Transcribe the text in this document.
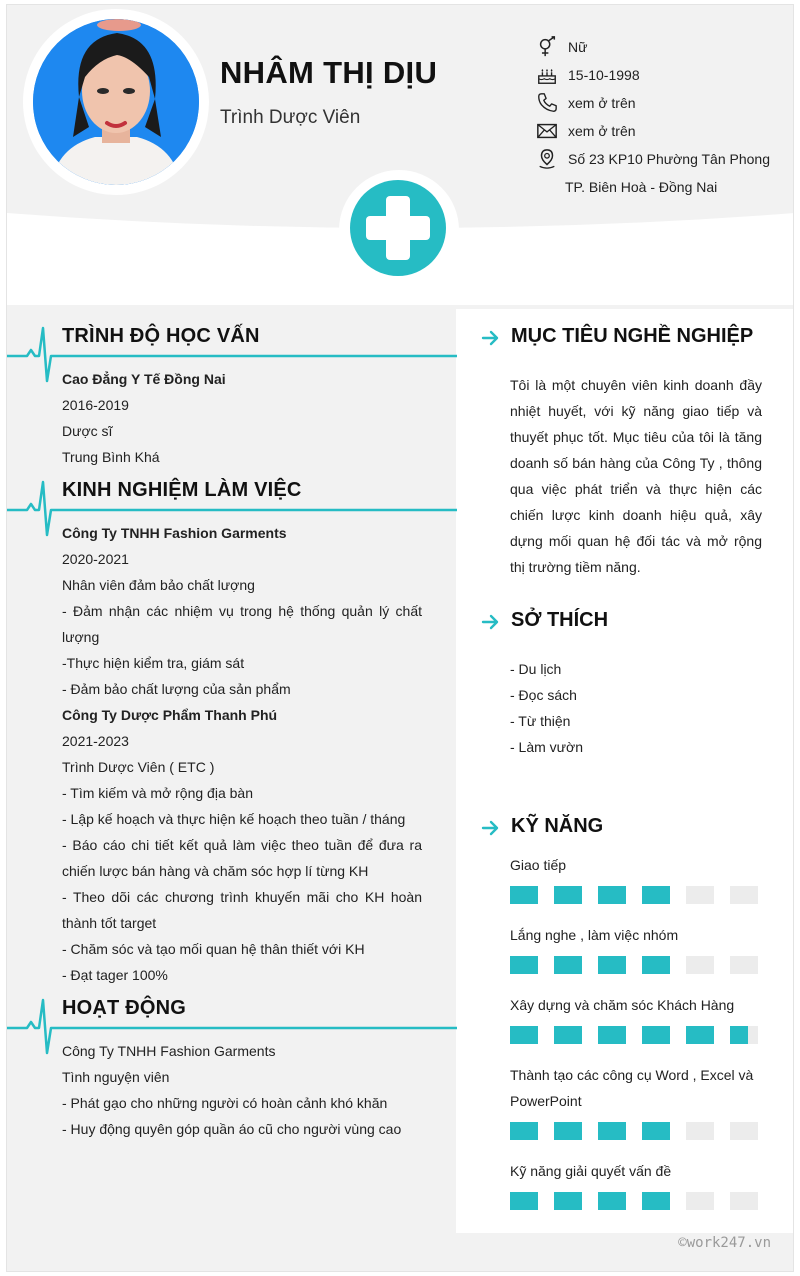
NHÂM THỊ DỊU
Trình Dược Viên
Nữ
15-10-1998
xem ở trên
xem ở trên
Số 23 KP10 Phường Tân Phong
TP. Biên Hoà - Đồng Nai
TRÌNH ĐỘ HỌC VẤN

Cao Đẳng Y Tế Đồng Nai

2016-2019

Dược sĩ

Trung Bình Khá

KINH NGHIỆM LÀM VIỆC

Công Ty TNHH Fashion Garments

2020-2021

Nhân viên đảm bảo chất lượng

- Đảm nhận các nhiệm vụ trong hệ thống quản lý chất lượng

-Thực hiện kiểm tra, giám sát

- Đảm bảo chất lượng của sản phẩm

Công Ty Dược Phẩm Thanh Phú

2021-2023

Trình Dược Viên ( ETC )

- Tìm kiếm và mở rộng địa bàn

- Lập kế hoạch và thực hiện kế hoạch theo tuần / tháng

- Báo cáo chi tiết kết quả làm việc theo tuần để đưa ra chiến lược bán hàng và chăm sóc hợp lí từng KH

- Theo dõi các chương trình khuyến mãi cho KH hoàn thành tốt target

- Chăm sóc và tạo mối quan hệ thân thiết với KH

- Đạt tager 100%

HOẠT ĐỘNG

Công Ty TNHH Fashion Garments

Tình nguyện viên

- Phát gạo cho những người có hoàn cảnh khó khăn

- Huy động quyên góp quần áo cũ cho người vùng cao

MỤC TIÊU NGHỀ NGHIỆP
Tôi là một chuyên viên kinh doanh đầy nhiệt huyết, với kỹ năng giao tiếp và thuyết phục tốt. Mục tiêu của tôi là tăng doanh số bán hàng của Công Ty , thông qua việc phát triển và thực hiện các chiến lược kinh doanh hiệu quả, xây dựng mối quan hệ đối tác và mở rộng thị trường tiềm năng.
SỞ THÍCH

- Du lịch

- Đọc sách

- Từ thiện

- Làm vườn

KỸ NĂNG
Giao tiếp
Lắng nghe , làm việc nhóm
Xây dựng và chăm sóc Khách Hàng
Thành tạo các công cụ Word , Excel và PowerPoint
Kỹ năng giải quyết vấn đề
©work247.vn
